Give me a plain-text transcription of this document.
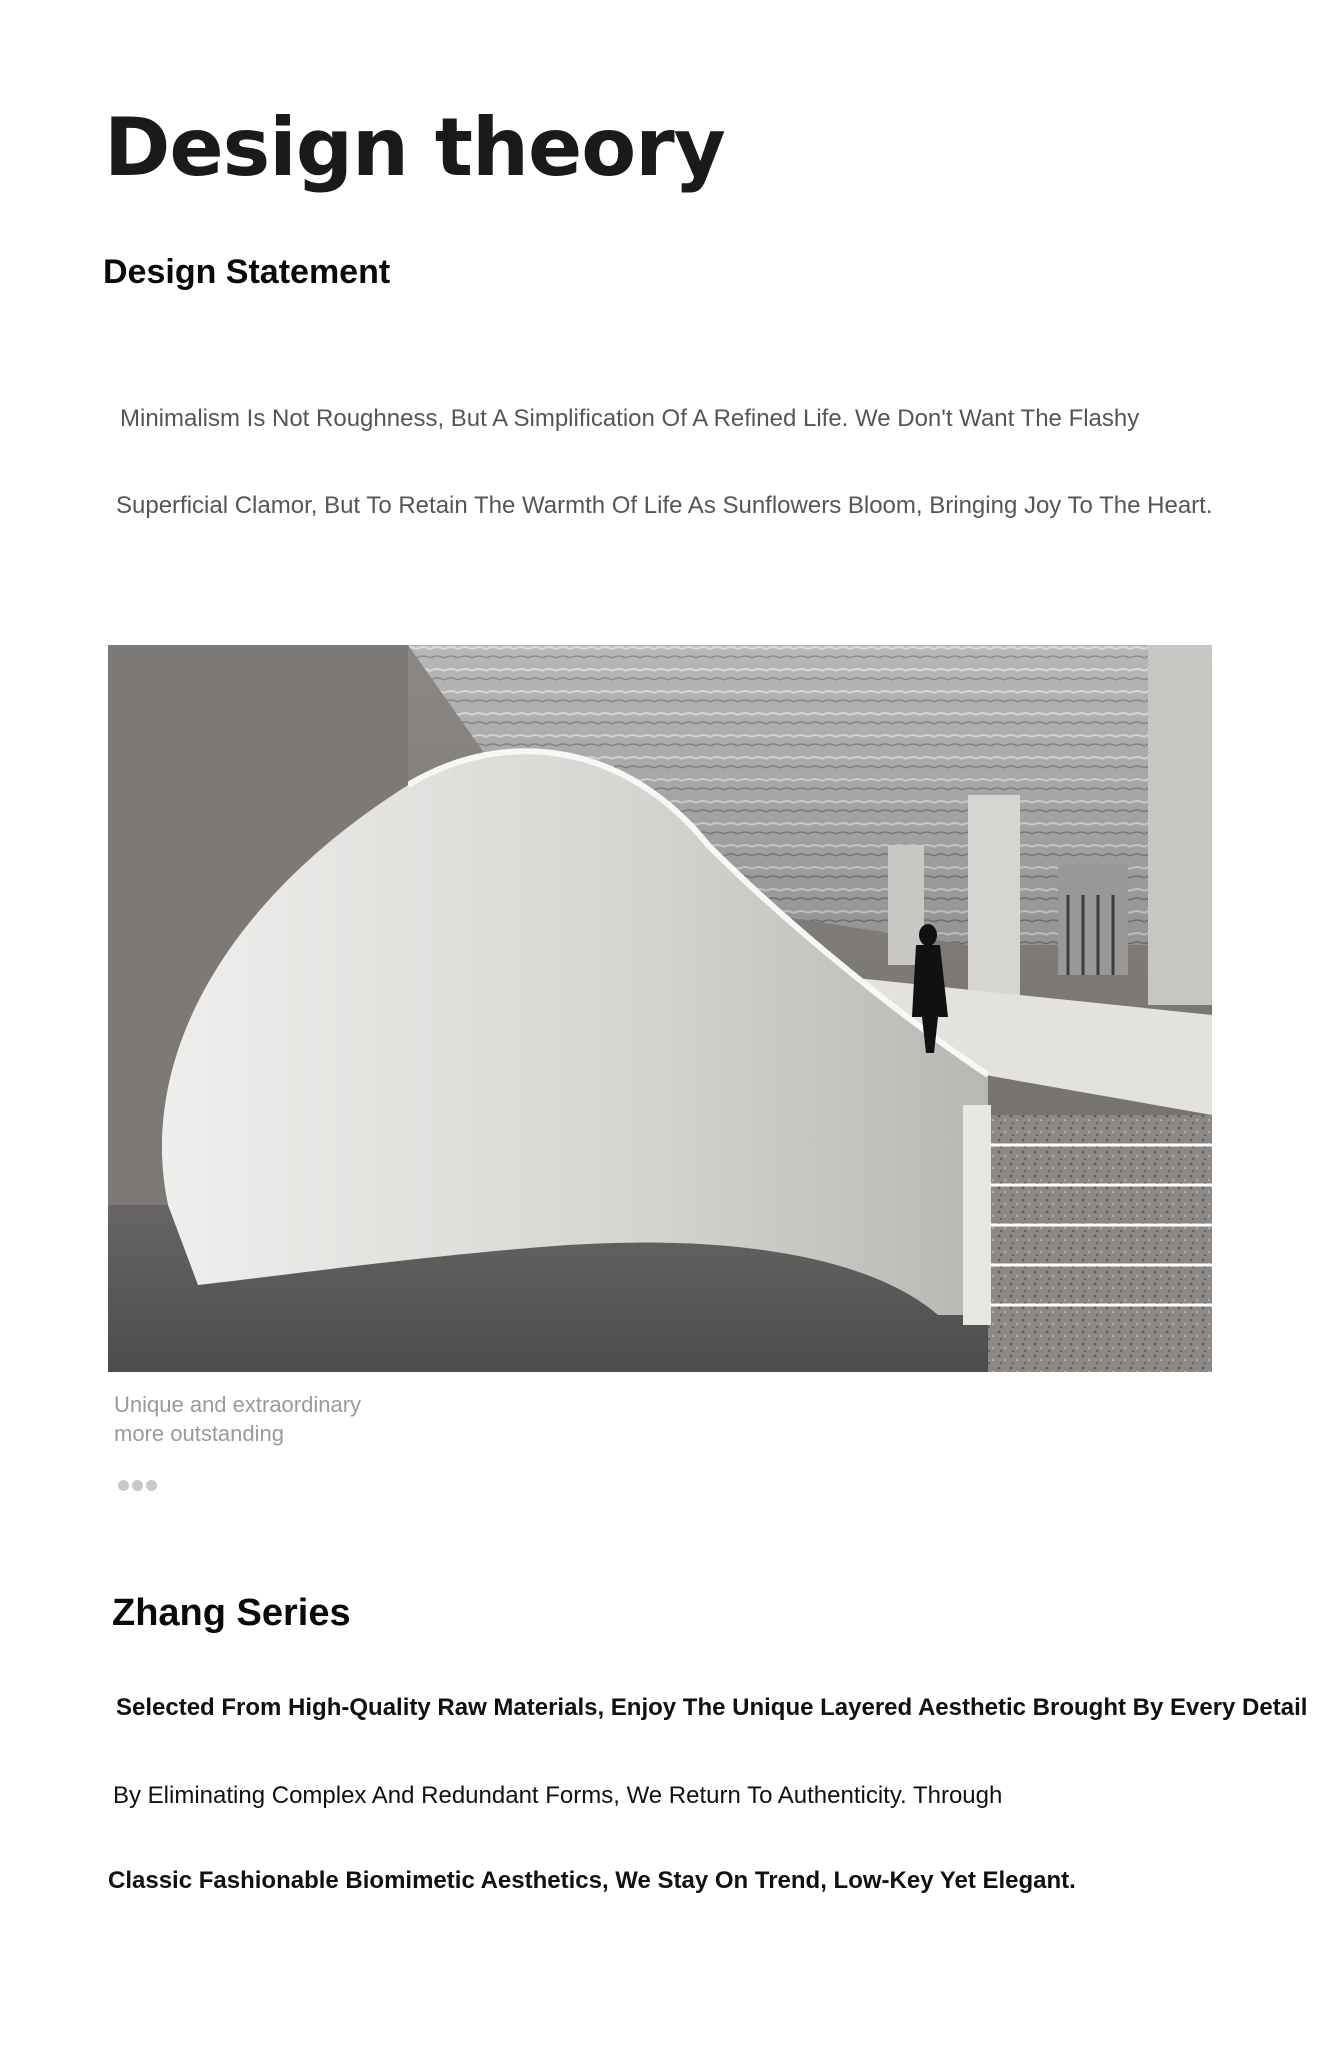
Design theory
Design Statement
Minimalism Is Not Roughness, But A Simplification Of A Refined Life. We Don't Want The Flashy
Superficial Clamor, But To Retain The Warmth Of Life As Sunflowers Bloom, Bringing Joy To The Heart.
Unique and extraordinary
more outstanding
Zhang Series
Selected From High-Quality Raw Materials, Enjoy The Unique Layered Aesthetic Brought By Every Detail
By Eliminating Complex And Redundant Forms, We Return To Authenticity. Through
Classic Fashionable Biomimetic Aesthetics, We Stay On Trend, Low-Key Yet Elegant.
